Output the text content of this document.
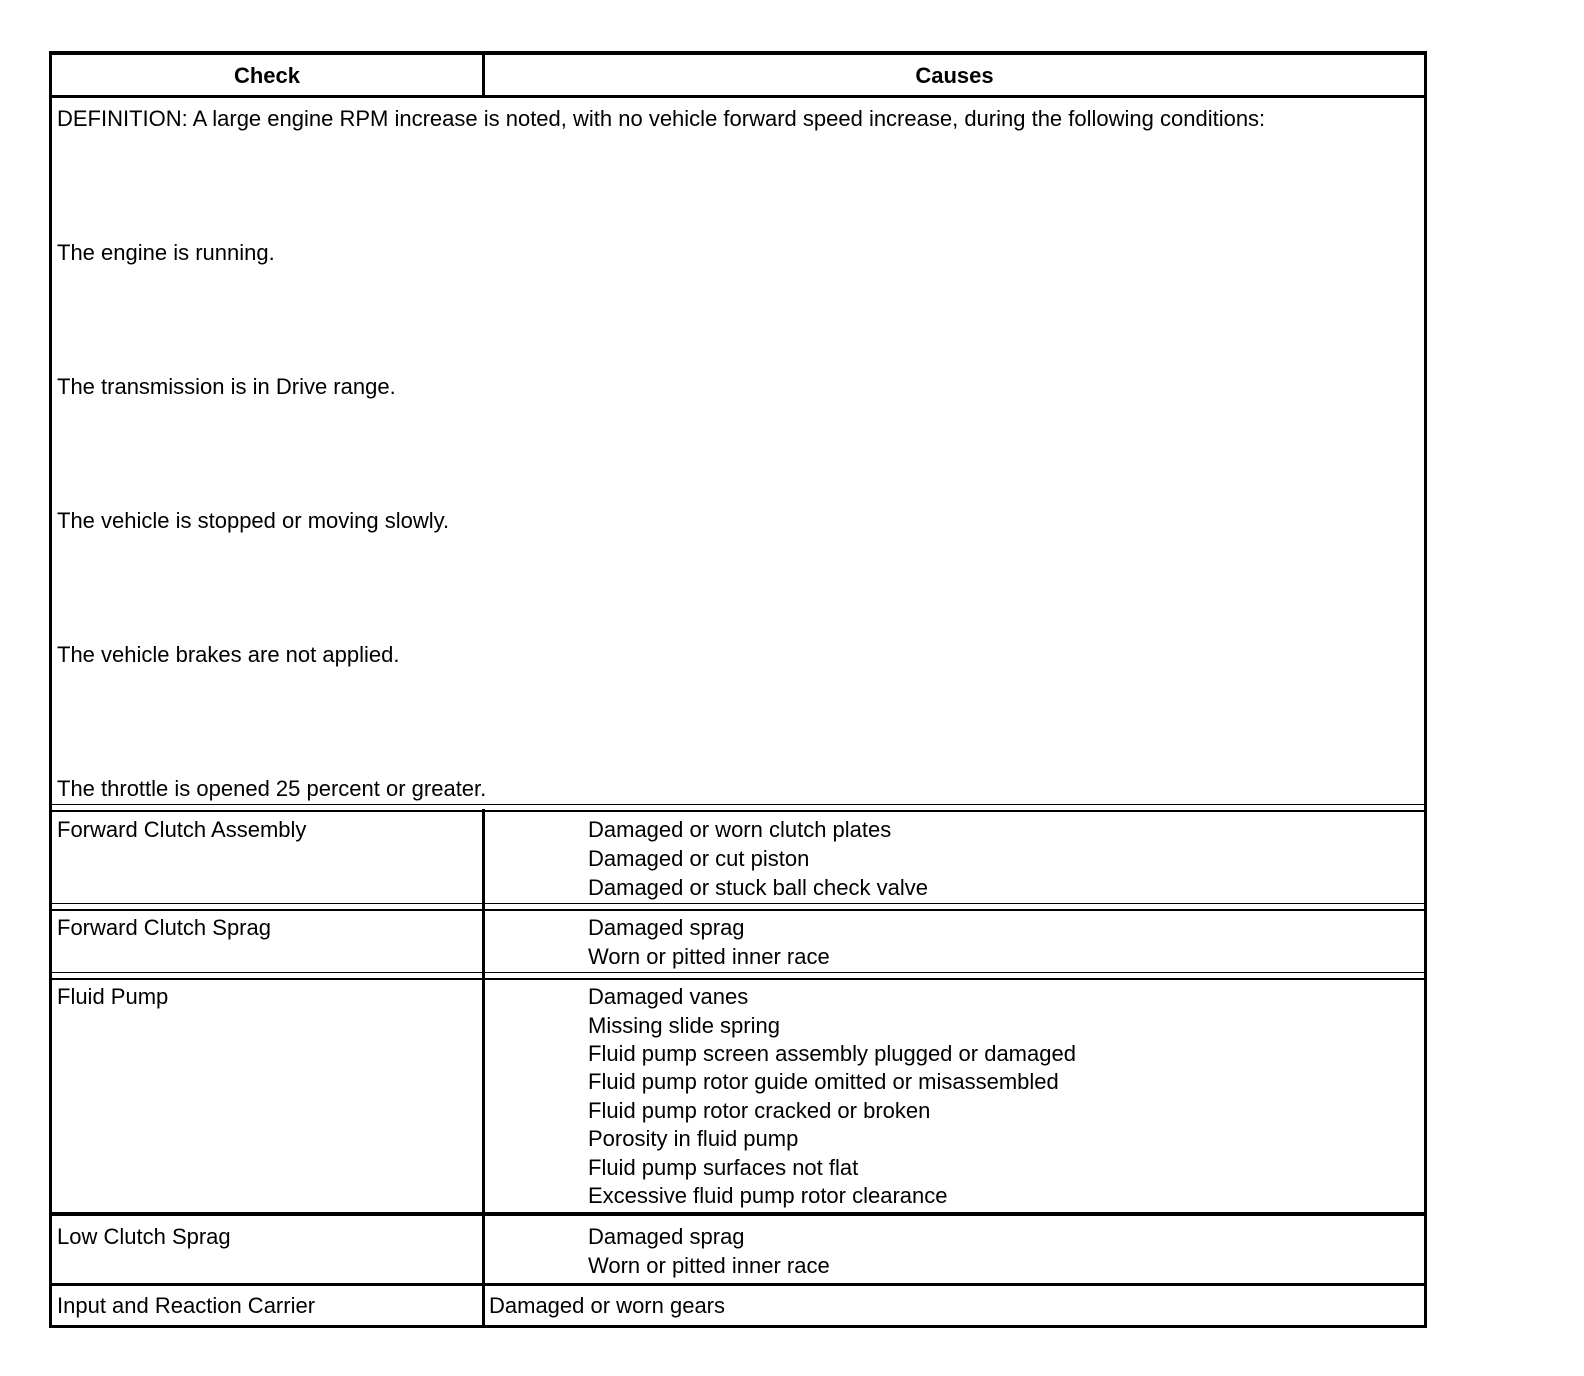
Check	Causes
DEFINITION: A large engine RPM increase is noted, with no vehicle forward speed increase, during the following conditions:
The engine is running.
The transmission is in Drive range.
The vehicle is stopped or moving slowly.
The vehicle brakes are not applied.
The throttle is opened 25 percent or greater.
Forward Clutch Assembly	Damaged or worn clutch plates
Damaged or cut piston
Damaged or stuck ball check valve
Forward Clutch Sprag	Damaged sprag
Worn or pitted inner race
Fluid Pump	Damaged vanes
Missing slide spring
Fluid pump screen assembly plugged or damaged
Fluid pump rotor guide omitted or misassembled
Fluid pump rotor cracked or broken
Porosity in fluid pump
Fluid pump surfaces not flat
Excessive fluid pump rotor clearance
Low Clutch Sprag	Damaged sprag
Worn or pitted inner race
Input and Reaction Carrier	Damaged or worn gears
